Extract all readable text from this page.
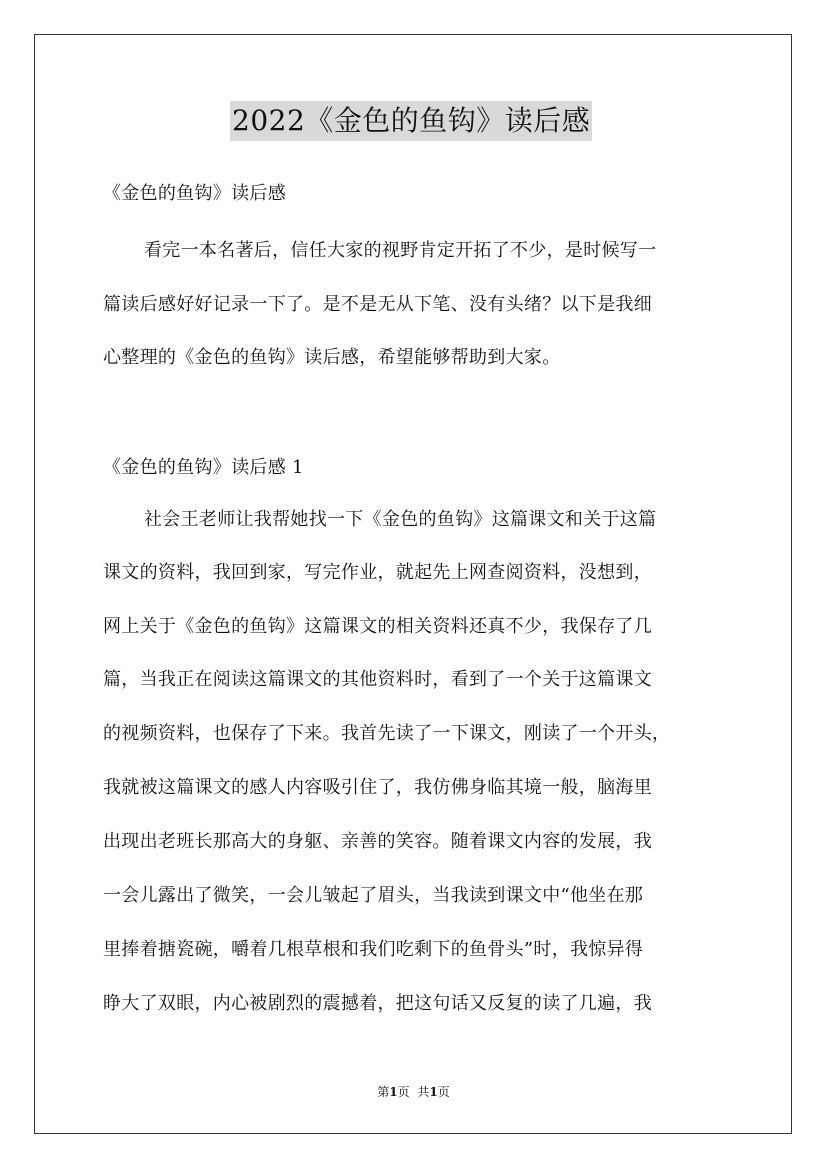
2022《金色的鱼钩》读后感
《金色的鱼钩》读后感
看完一本名著后，信任大家的视野肯定开拓了不少，是时候写一
篇读后感好好记录一下了。是不是无从下笔、没有头绪？以下是我细
心整理的《金色的鱼钩》读后感，希望能够帮助到大家。
《金色的鱼钩》读后感 1
社会王老师让我帮她找一下《金色的鱼钩》这篇课文和关于这篇
课文的资料，我回到家，写完作业，就起先上网查阅资料，没想到，
网上关于《金色的鱼钩》这篇课文的相关资料还真不少，我保存了几
篇，当我正在阅读这篇课文的其他资料时，看到了一个关于这篇课文
的视频资料，也保存了下来。我首先读了一下课文，刚读了一个开头，
我就被这篇课文的感人内容吸引住了，我仿佛身临其境一般，脑海里
出现出老班长那高大的身躯、亲善的笑容。随着课文内容的发展，我
一会儿露出了微笑，一会儿皱起了眉头，当我读到课文中“他坐在那
里捧着搪瓷碗，嚼着几根草根和我们吃剩下的鱼骨头”时，我惊异得
睁大了双眼，内心被剧烈的震撼着，把这句话又反复的读了几遍，我
第1页 共1页
